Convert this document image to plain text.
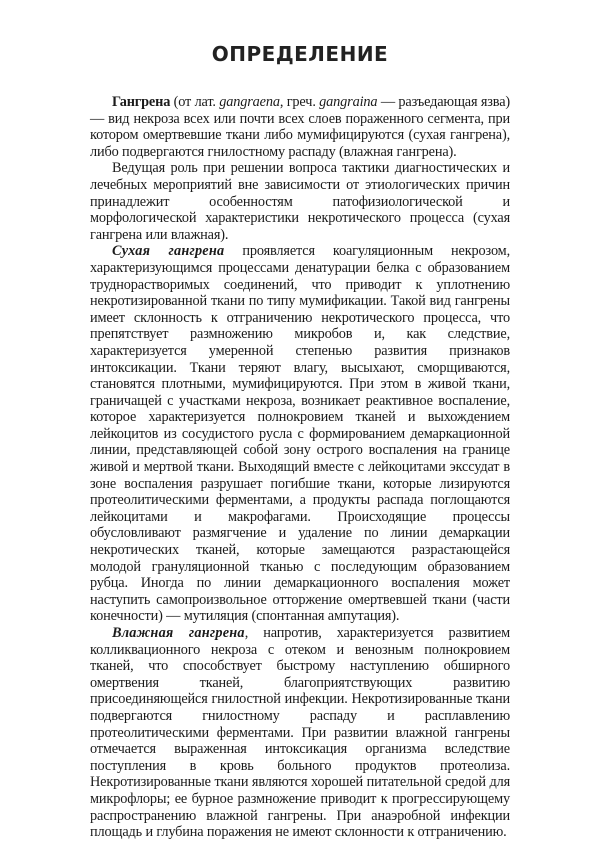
ОПРЕДЕЛЕНИЕ

Гангрена (от лат. gangraena, греч. gangraina — разъедающая язва) — вид некроза всех или почти всех слоев пораженного сегмента, при котором омертвевшие ткани либо мумифицируются (сухая гангрена), либо подвергаются гнилостному распаду (влажная гангрена).

Ведущая роль при решении вопроса тактики диагностических и лечебных мероприятий вне зависимости от этиологических причин принадлежит особенностям патофизиологической и морфологической характеристики некротического процесса (сухая гангрена или влажная).

Сухая гангрена проявляется коагуляционным некрозом, характеризующимся процессами денатурации белка с образованием труднорастворимых соединений, что приводит к уплотнению некротизированной ткани по типу мумификации. Такой вид гангрены имеет склонность к отграничению некротического процесса, что препятствует размножению микробов и, как следствие, характеризуется умеренной степенью развития признаков интоксикации. Ткани теряют влагу, высыхают, сморщиваются, становятся плотными, мумифицируются. При этом в живой ткани, граничащей с участками некроза, возникает реактивное воспаление, которое характеризуется полнокровием тканей и выхождением лейкоцитов из сосудистого русла с формированием демаркационной линии, представляющей собой зону острого воспаления на границе живой и мертвой ткани. Выходящий вместе с лейкоцитами экссудат в зоне воспаления разрушает погибшие ткани, которые лизируются протеолитическими ферментами, а продукты распада поглощаются лейкоцитами и макрофагами. Происходящие процессы обусловливают размягчение и удаление по линии демаркации некротических тканей, которые замещаются разрастающейся молодой грануляционной тканью с последующим образованием рубца. Иногда по линии демаркационного воспаления может наступить самопроизвольное отторжение омертвевшей ткани (части конечности) — мутиляция (спонтанная ампутация).

Влажная гангрена, напротив, характеризуется развитием колликвационного некроза с отеком и венозным полнокровием тканей, что способствует быстрому наступлению обширного омертвения тканей, благоприятствующих развитию присоединяющейся гнилостной инфекции. Некротизированные ткани подвергаются гнилостному распаду и расплавлению протеолитическими ферментами. При развитии влажной гангрены отмечается выраженная интоксикация организма вследствие поступления в кровь больного продуктов протеолиза. Некротизированные ткани являются хорошей питательной средой для микрофлоры; ее бурное размножение приводит к прогрессирующему распространению влажной гангрены. При анаэробной инфекции площадь и глубина поражения не имеют склонности к отграничению.
